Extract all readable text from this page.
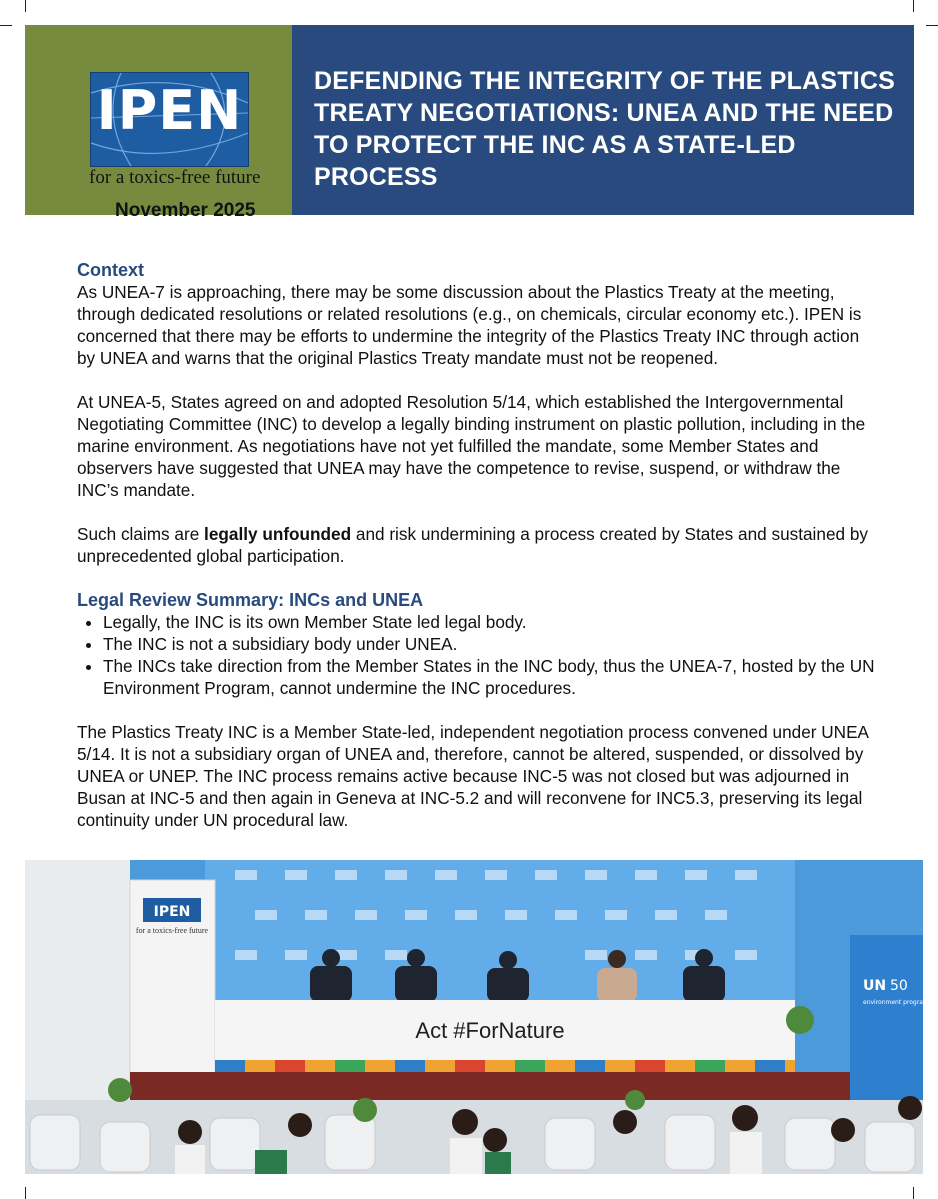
IPEN
for a toxics-free future
November 2025
DEFENDING THE INTEGRITY OF THE PLASTICS TREATY NEGOTIATIONS: UNEA AND THE NEED TO PROTECT THE INC AS A STATE-LED PROCESS
Context

As UNEA-7 is approaching, there may be some discussion about the Plastics Treaty at the meeting, through dedicated resolutions or related resolutions (e.g., on chemicals, circular economy etc.). IPEN is concerned that there may be efforts to undermine the integrity of the Plastics Treaty INC through action by UNEA and warns that the original Plastics Treaty mandate must not be reopened.

At UNEA-5, States agreed on and adopted Resolution 5/14, which established the Intergovernmental Negotiating Committee (INC) to develop a legally binding instrument on plastic pollution, including in the marine environment. As negotiations have not yet fulfilled the mandate, some Member States and observers have suggested that UNEA may have the competence to revise, suspend, or withdraw the INC’s mandate.

Such claims are legally unfounded and risk undermining a process created by States and sustained by unprecedented global participation.

Legal Review Summary: INCs and UNEA
• Legally, the INC is its own Member State led legal body.
• The INC is not a subsidiary body under UNEA.
• The INCs take direction from the Member States in the INC body, thus the UNEA-7, hosted by the UN Environment Program, cannot undermine the INC procedures.

The Plastics Treaty INC is a Member State-led, independent negotiation process convened under UNEA 5/14. It is not a subsidiary organ of UNEA and, therefore, cannot be altered, suspended, or dissolved by UNEA or UNEP. The INC process remains active because INC-5 was not closed but was adjourned in Busan at INC-5 and then again in Geneva at INC-5.2 and will reconvene for INC5.3, preserving its legal continuity under UN procedural law.

IPEN
for a toxics-free future
UN 50
environment programme
Act #ForNature
